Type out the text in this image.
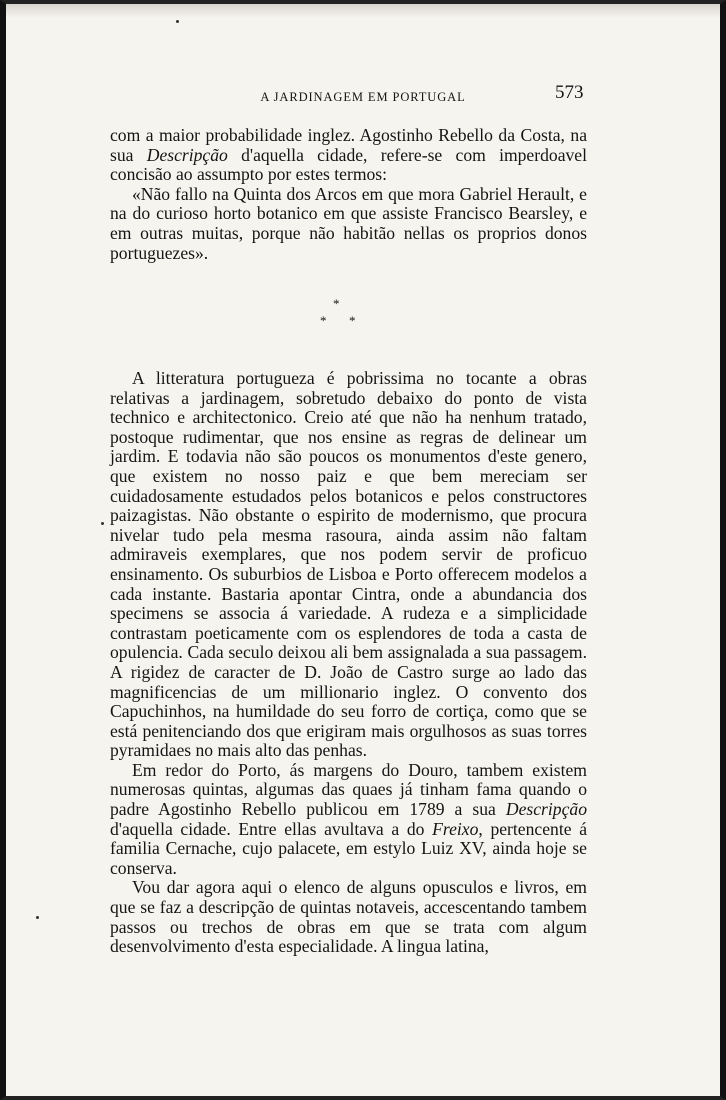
A JARDINAGEM EM PORTUGAL	573

com a maior probabilidade inglez. Agostinho Rebello da Costa, na sua Descripção d'aquella cidade, refere-se com imperdoavel concisão ao assumpto por estes termos:

«Não fallo na Quinta dos Arcos em que mora Gabriel Herault, e na do curioso horto botanico em que assiste Francisco Bearsley, e em outras muitas, porque não habitão nellas os proprios donos portuguezes».

*
* *

A litteratura portugueza é pobrissima no tocante a obras relativas a jardinagem, sobretudo debaixo do ponto de vista technico e architectonico. Creio até que não ha nenhum tratado, postoque rudimentar, que nos ensine as regras de delinear um jardim. E todavia não são poucos os monumentos d'este genero, que existem no nosso paiz e que bem mereciam ser cuidadosamente estudados pelos botanicos e pelos constructores paizagistas. Não obstante o espirito de modernismo, que procura nivelar tudo pela mesma rasoura, ainda assim não faltam admiraveis exemplares, que nos podem servir de proficuo ensinamento. Os suburbios de Lisboa e Porto offerecem modelos a cada instante. Bastaria apontar Cintra, onde a abundancia dos specimens se associa á variedade. A rudeza e a simplicidade contrastam poeticamente com os esplendores de toda a casta de opulencia. Cada seculo deixou ali bem assignalada a sua passagem. A rigidez de caracter de D. João de Castro surge ao lado das magnificencias de um millionario inglez. O convento dos Capuchinhos, na humildade do seu forro de cortiça, como que se está penitenciando dos que erigiram mais orgulhosos as suas torres pyramidaes no mais alto das penhas.

Em redor do Porto, ás margens do Douro, tambem existem numerosas quintas, algumas das quaes já tinham fama quando o padre Agostinho Rebello publicou em 1789 a sua Descripção d'aquella cidade. Entre ellas avultava a do Freixo, pertencente á familia Cernache, cujo palacete, em estylo Luiz XV, ainda hoje se conserva.

Vou dar agora aqui o elenco de alguns opusculos e livros, em que se faz a descripção de quintas notaveis, accescentando tambem passos ou trechos de obras em que se trata com algum desenvolvimento d'esta especialidade. A lingua latina,
